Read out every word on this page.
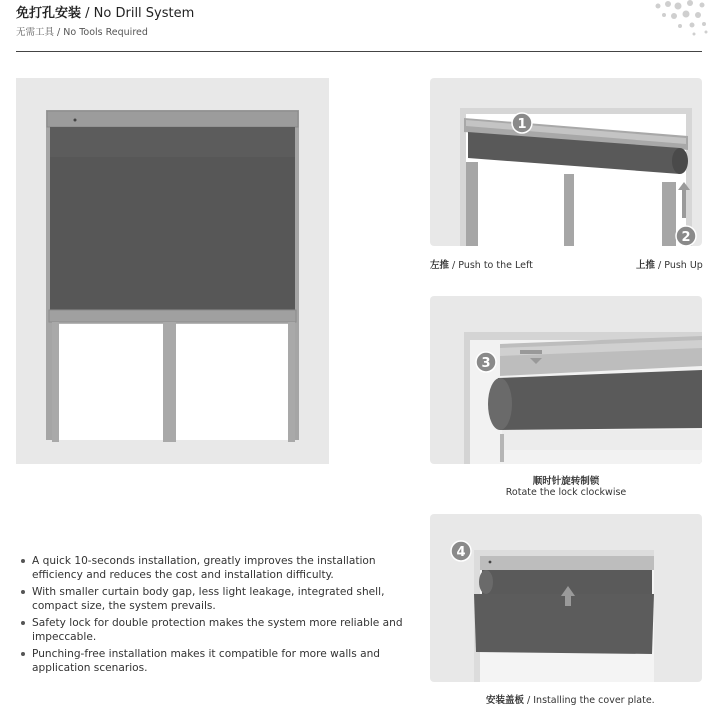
免打孔安装 / No Drill System
无需工具 / No Tools Required
1
2
左推 / Push to the Left	上推 / Push Up
3
顺时针旋转制锁
Rotate the lock clockwise
4
安装盖板 / Installing the cover plate.
A quick 10-seconds installation, greatly improves the installation efficiency and reduces the cost and installation difficulty.
With smaller curtain body gap, less light leakage, integrated shell, compact size, the system prevails.
Safety lock for double protection makes the system more reliable and impeccable.
Punching-free installation makes it compatible for more walls and application scenarios.
